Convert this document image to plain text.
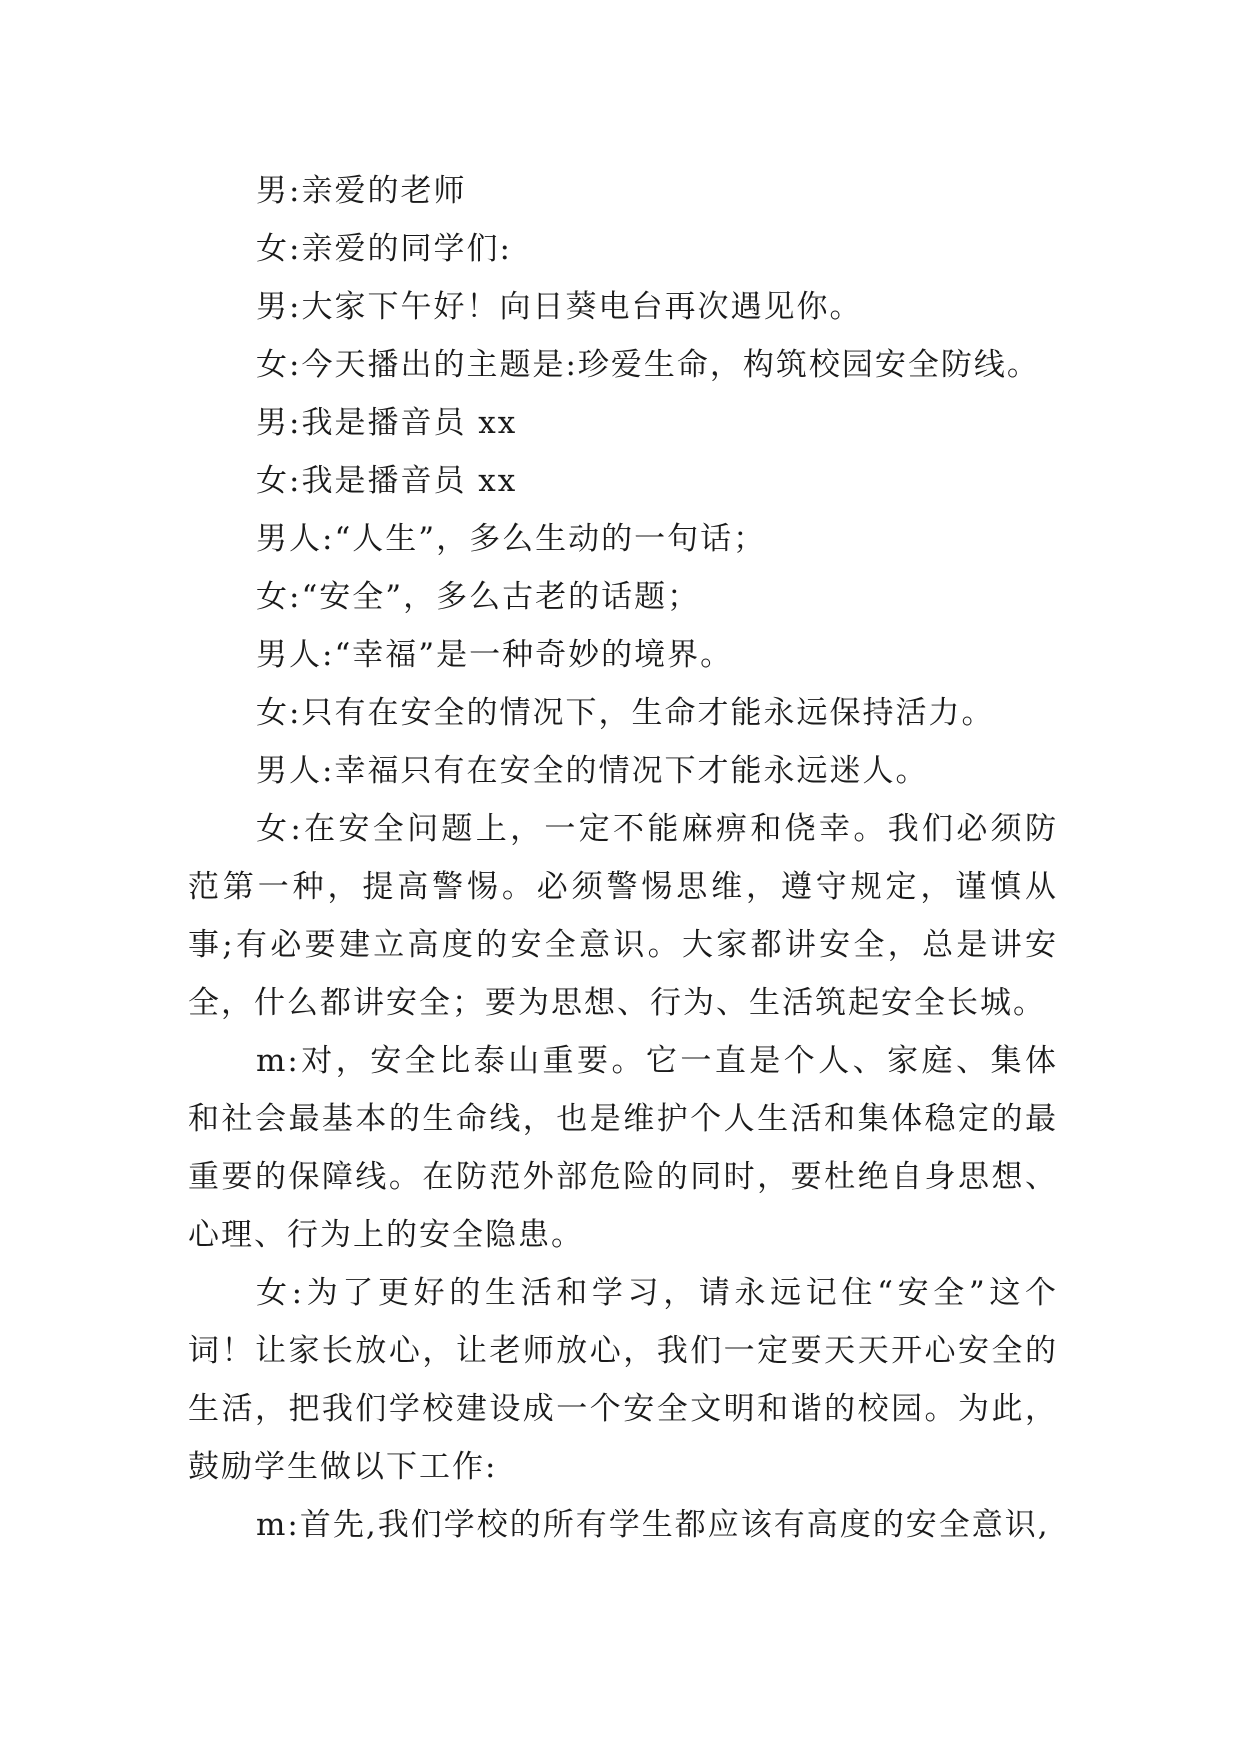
男:亲爱的老师
女:亲爱的同学们:
男:大家下午好！向日葵电台再次遇见你。
女:今天播出的主题是:珍爱生命，构筑校园安全防线。
男:我是播音员 xx
女:我是播音员 xx
男人:“人生”，多么生动的一句话；
女:“安全”，多么古老的话题；
男人:“幸福”是一种奇妙的境界。
女:只有在安全的情况下，生命才能永远保持活力。
男人:幸福只有在安全的情况下才能永远迷人。

女:在安全问题上，一定不能麻痹和侥幸。我们必须防范第一种，提高警惕。必须警惕思维，遵守规定，谨慎从事;有必要建立高度的安全意识。大家都讲安全，总是讲安全，什么都讲安全；要为思想、行为、生活筑起安全长城。

m:对，安全比泰山重要。它一直是个人、家庭、集体和社会最基本的生命线，也是维护个人生活和集体稳定的最重要的保障线。在防范外部危险的同时，要杜绝自身思想、心理、行为上的安全隐患。

女:为了更好的生活和学习，请永远记住“安全”这个词！让家长放心，让老师放心，我们一定要天天开心安全的生活，把我们学校建设成一个安全文明和谐的校园。为此，鼓励学生做以下工作:

m:首先,我们学校的所有学生都应该有高度的安全意识,
